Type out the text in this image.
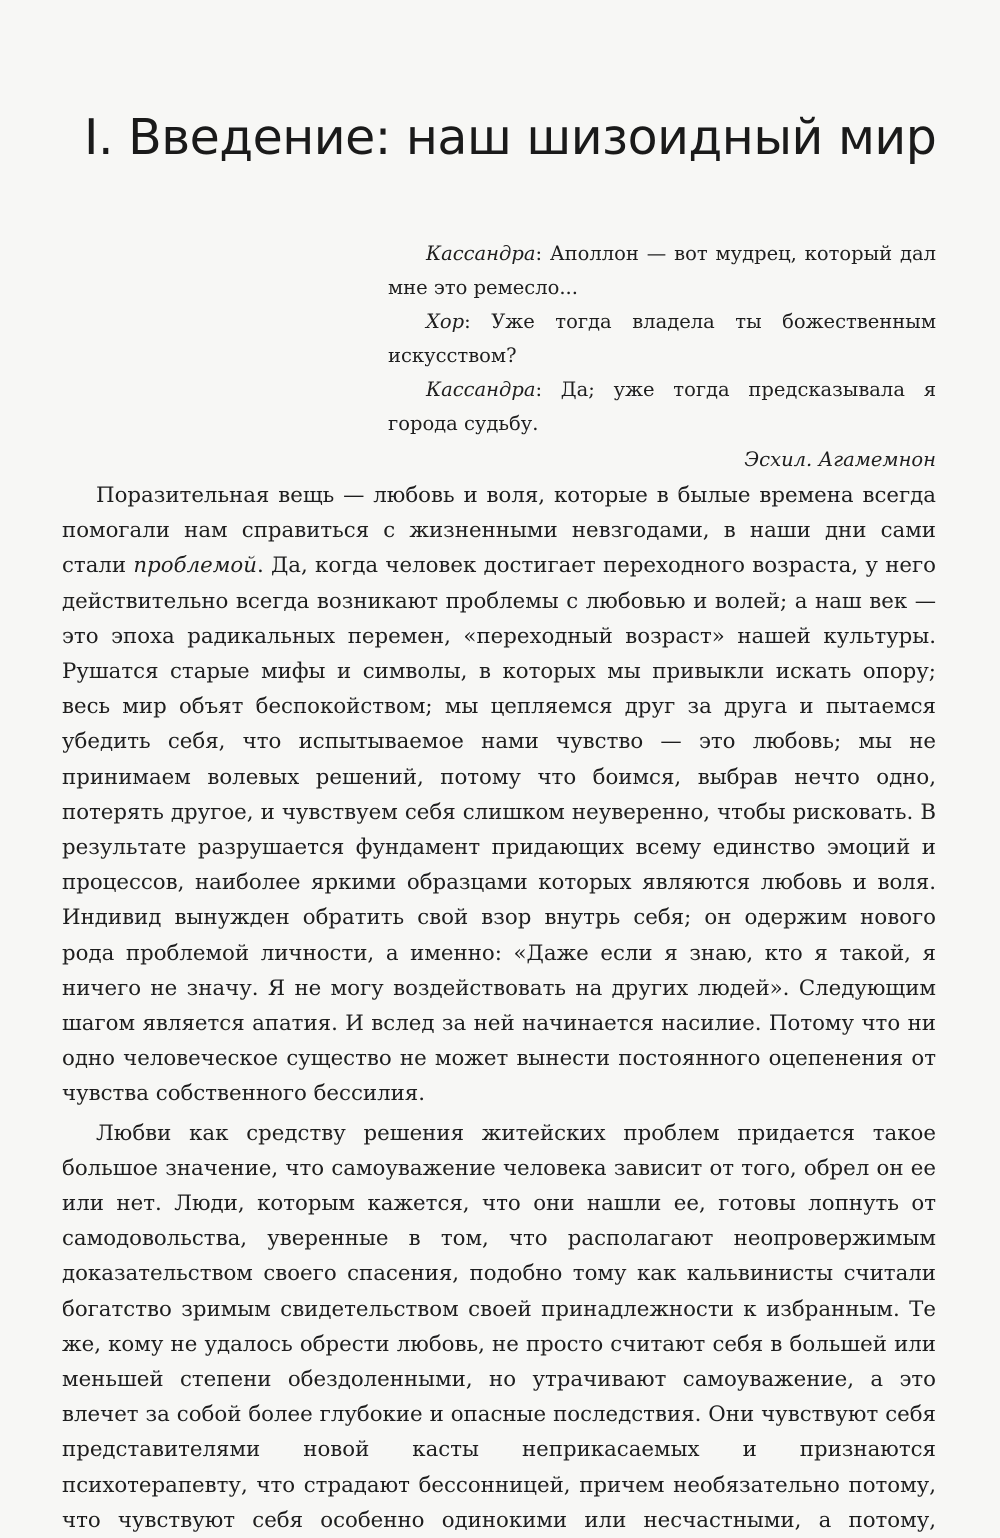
I. Введение: наш шизоидный мир

Кассандра: Аполлон — вот мудрец, который дал мне это ремесло...

Хор: Уже тогда владела ты божественным искусством?

Кассандра: Да; уже тогда предсказывала я города судьбу.

Эсхил. Агамемнон

Поразительная вещь — любовь и воля, которые в былые времена всегда помогали нам справиться с жизненными невзгодами, в наши дни сами стали проблемой. Да, когда человек достигает переходного возраста, у него действительно всегда возникают проблемы с любовью и волей; а наш век — это эпоха радикальных перемен, «переходный возраст» нашей культуры. Рушатся старые мифы и символы, в которых мы привыкли искать опору; весь мир объят беспокойством; мы цепляемся друг за друга и пытаемся убедить себя, что испытываемое нами чувство — это любовь; мы не принимаем волевых решений, потому что боимся, выбрав нечто одно, потерять другое, и чувствуем себя слишком неуверенно, чтобы рисковать. В результате разрушается фундамент придающих всему единство эмоций и процессов, наиболее яркими образцами которых являются любовь и воля. Индивид вынужден обратить свой взор внутрь себя; он одержим нового рода проблемой личности, а именно: «Даже если я знаю, кто я такой, я ничего не значу. Я не могу воздействовать на других людей». Следующим шагом является апатия. И вслед за ней начинается насилие. Потому что ни одно человеческое существо не может вынести постоянного оцепенения от чувства собственного бессилия.

Любви как средству решения житейских проблем придается такое большое значение, что самоуважение человека зависит от того, обрел он ее или нет. Люди, которым кажется, что они нашли ее, готовы лопнуть от самодовольства, уверенные в том, что располагают неопровержимым доказательством своего спасения, подобно тому как кальвинисты считали богатство зримым свидетельством своей принадлежности к избранным. Те же, кому не удалось обрести любовь, не просто считают себя в большей или меньшей степени обездоленными, но утрачивают самоуважение, а это влечет за собой более глубокие и опасные последствия. Они чувствуют себя представителями новой касты неприкасаемых и признаются психотерапевту, что страдают бессонницей, причем необязательно потому, что чувствуют себя особенно одинокими или несчастными, а потому,
